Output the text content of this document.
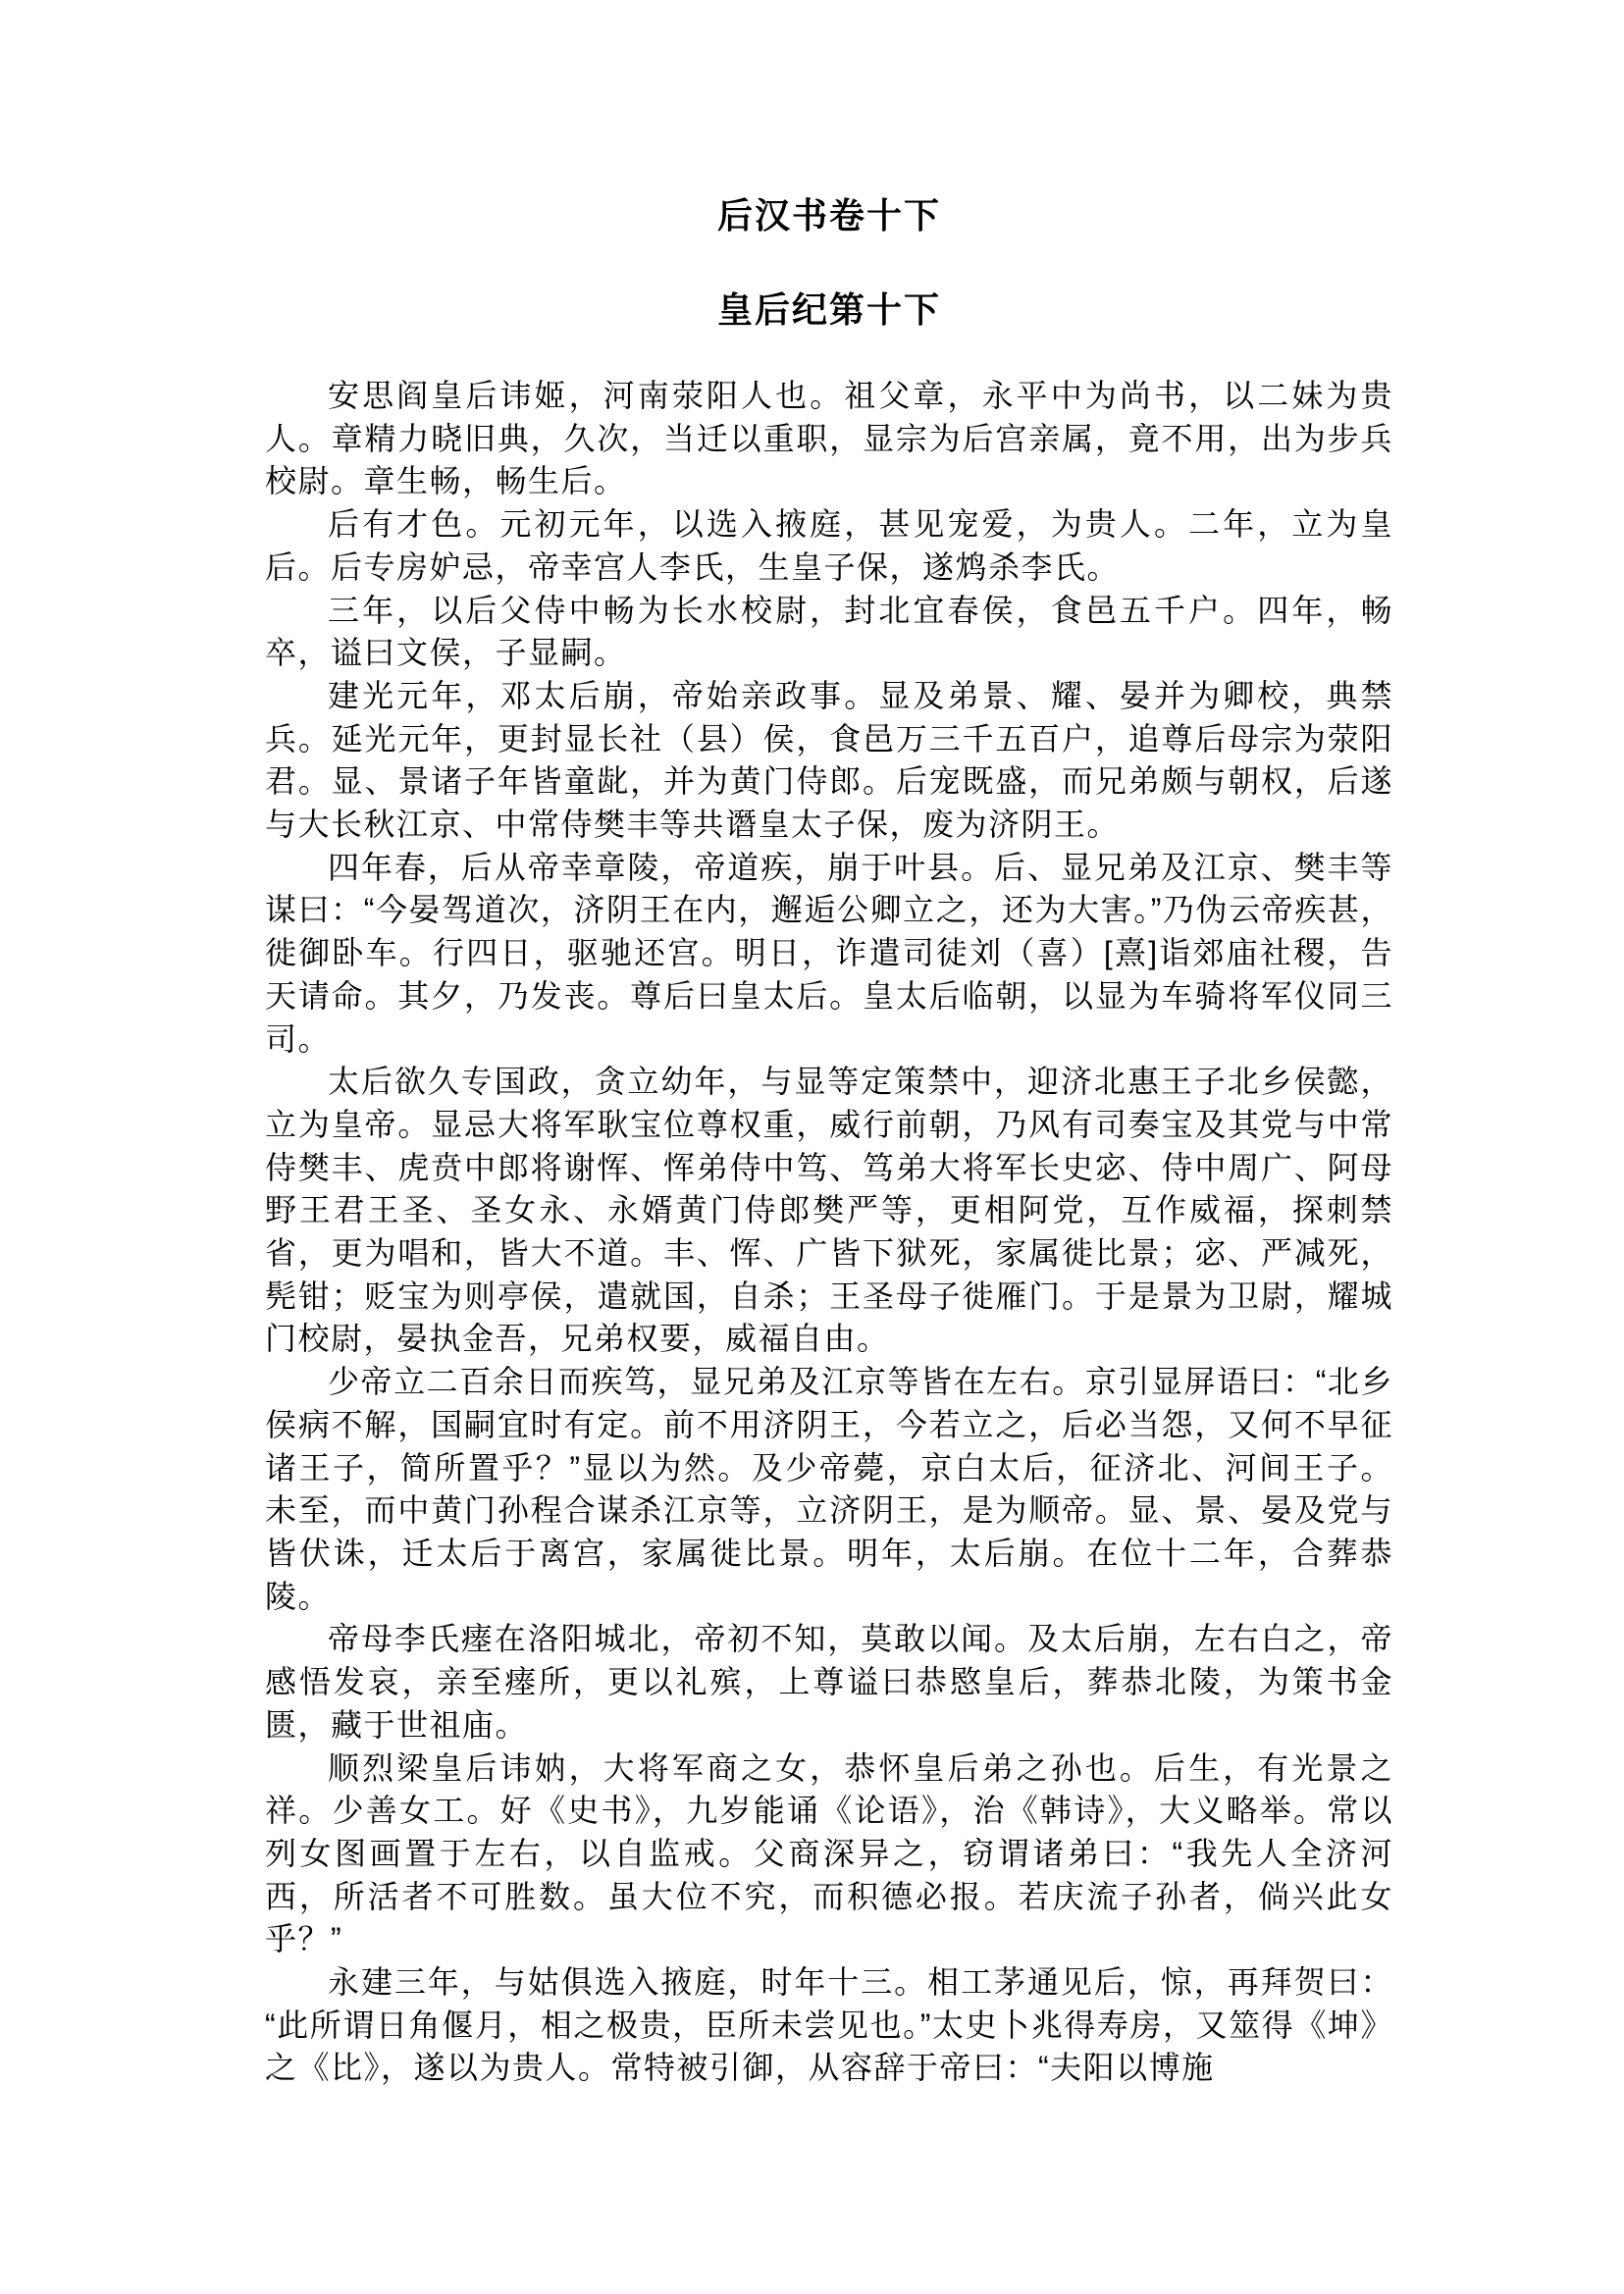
后汉书卷十下
皇后纪第十下

安思阎皇后讳姬，河南荥阳人也。祖父章，永平中为尚书，以二妹为贵人。章精力晓旧典，久次，当迁以重职，显宗为后宫亲属，竟不用，出为步兵校尉。章生畅，畅生后。

后有才色。元初元年，以选入掖庭，甚见宠爱，为贵人。二年，立为皇后。后专房妒忌，帝幸宫人李氏，生皇子保，遂鸩杀李氏。

三年，以后父侍中畅为长水校尉，封北宜春侯，食邑五千户。四年，畅卒，谥曰文侯，子显嗣。

建光元年，邓太后崩，帝始亲政事。显及弟景、耀、晏并为卿校，典禁兵。延光元年，更封显长社（县）侯，食邑万三千五百户，追尊后母宗为荥阳君。显、景诸子年皆童龀，并为黄门侍郎。后宠既盛，而兄弟颇与朝权，后遂与大长秋江京、中常侍樊丰等共谮皇太子保，废为济阴王。

四年春，后从帝幸章陵，帝道疾，崩于叶县。后、显兄弟及江京、樊丰等谋曰：“今晏驾道次，济阴王在内，邂逅公卿立之，还为大害。”乃伪云帝疾甚，徙御卧车。行四日，驱驰还宫。明日，诈遣司徒刘（喜）[熹]诣郊庙社稷，告天请命。其夕，乃发丧。尊后曰皇太后。皇太后临朝，以显为车骑将军仪同三司。

太后欲久专国政，贪立幼年，与显等定策禁中，迎济北惠王子北乡侯懿，立为皇帝。显忌大将军耿宝位尊权重，威行前朝，乃风有司奏宝及其党与中常侍樊丰、虎贲中郎将谢恽、恽弟侍中笃、笃弟大将军长史宓、侍中周广、阿母野王君王圣、圣女永、永婿黄门侍郎樊严等，更相阿党，互作威福，探刺禁省，更为唱和，皆大不道。丰、恽、广皆下狱死，家属徙比景；宓、严减死，髡钳；贬宝为则亭侯，遣就国，自杀；王圣母子徙雁门。于是景为卫尉，耀城门校尉，晏执金吾，兄弟权要，威福自由。

少帝立二百余日而疾笃，显兄弟及江京等皆在左右。京引显屏语曰：“北乡侯病不解，国嗣宜时有定。前不用济阴王，今若立之，后必当怨，又何不早征诸王子，简所置乎？”显以为然。及少帝薨，京白太后，征济北、河间王子。未至，而中黄门孙程合谋杀江京等，立济阴王，是为顺帝。显、景、晏及党与皆伏诛，迁太后于离宫，家属徙比景。明年，太后崩。在位十二年，合葬恭陵。

帝母李氏瘗在洛阳城北，帝初不知，莫敢以闻。及太后崩，左右白之，帝感悟发哀，亲至瘗所，更以礼殡，上尊谥曰恭愍皇后，葬恭北陵，为策书金匮，藏于世祖庙。

顺烈梁皇后讳妠，大将军商之女，恭怀皇后弟之孙也。后生，有光景之祥。少善女工。好《史书》，九岁能诵《论语》，治《韩诗》，大义略举。常以列女图画置于左右，以自监戒。父商深异之，窃谓诸弟曰：“我先人全济河西，所活者不可胜数。虽大位不究，而积德必报。若庆流子孙者，倘兴此女乎？”

永建三年，与姑俱选入掖庭，时年十三。相工茅通见后，惊，再拜贺曰：“此所谓日角偃月，相之极贵，臣所未尝见也。”太史卜兆得寿房，又筮得《坤》之《比》，遂以为贵人。常特被引御，从容辞于帝曰：“夫阳以博施
